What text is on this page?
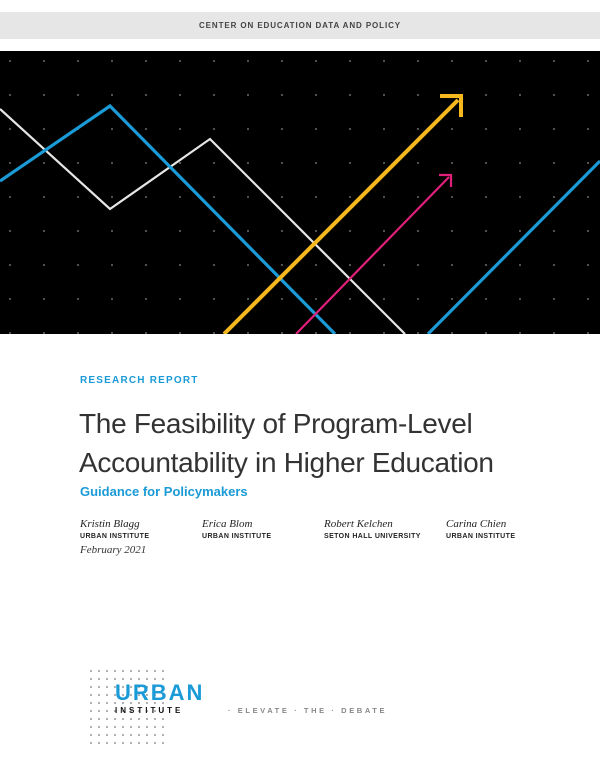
CENTER ON EDUCATION DATA AND POLICY
RESEARCH REPORT
The Feasibility of Program-Level
Accountability in Higher Education
Guidance for Policymakers
Kristin Blagg
URBAN INSTITUTE
Erica Blom
URBAN INSTITUTE
Robert Kelchen
SETON HALL UNIVERSITY
Carina Chien
URBAN INSTITUTE
February 2021
URBAN
INSTITUTE	· ELEVATE · THE · DEBATE
